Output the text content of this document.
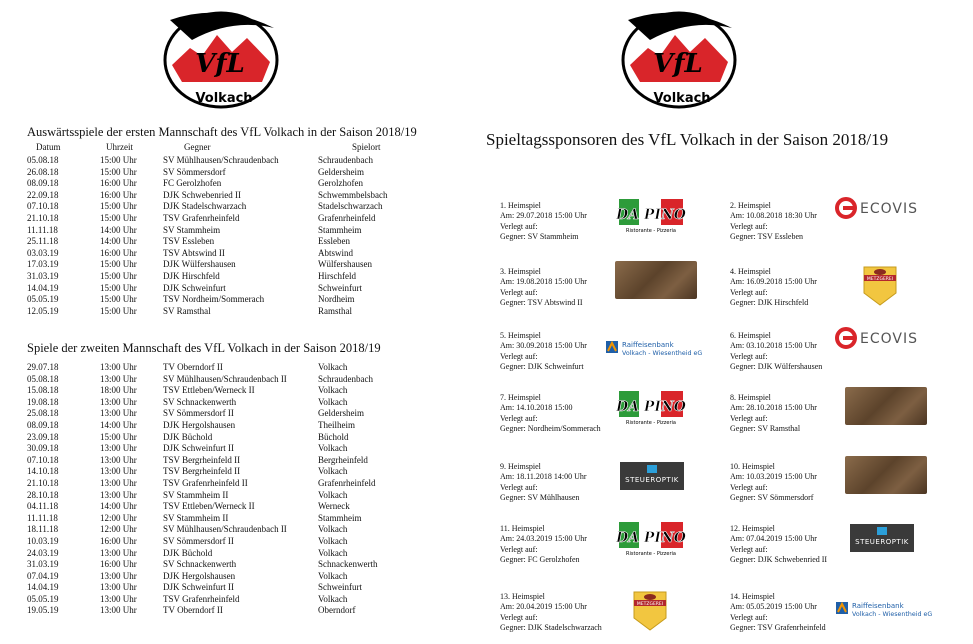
VfL
Volkach
VfL
Volkach
Auswärtsspiele der ersten Mannschaft des VfL Volkach in der Saison 2018/19
Datum	Uhrzeit	Gegner	Spielort
05.08.18	15:00 Uhr	SV Mühlhausen/Schraudenbach	Schraudenbach
26.08.18	15:00 Uhr	SV Sömmersdorf	Geldersheim
08.09.18	16:00 Uhr	FC Gerolzhofen	Gerolzhofen
22.09.18	16:00 Uhr	DJK Schwebenried II	Schwemmbelsbach
07.10.18	15:00 Uhr	DJK Stadelschwarzach	Stadelschwarzach
21.10.18	15:00 Uhr	TSV Grafenrheinfeld	Grafenrheinfeld
11.11.18	14:00 Uhr	SV Stammheim	Stammheim
25.11.18	14:00 Uhr	TSV Essleben	Essleben
03.03.19	16:00 Uhr	TSV Abtswind II	Abtswind
17.03.19	15:00 Uhr	DJK Wülfershausen	Wülfershausen
31.03.19	15:00 Uhr	DJK Hirschfeld	Hirschfeld
14.04.19	15:00 Uhr	DJK Schweinfurt	Schweinfurt
05.05.19	15:00 Uhr	TSV Nordheim/Sommerach	Nordheim
12.05.19	15:00 Uhr	SV Ramsthal	Ramsthal
Spiele der zweiten Mannschaft des VfL Volkach in der Saison 2018/19
29.07.18	13:00 Uhr	TV Oberndorf II	Volkach
05.08.18	13:00 Uhr	SV Mühlhausen/Schraudenbach II	Schraudenbach
15.08.18	18:00 Uhr	TSV Ettleben/Werneck II	Volkach
19.08.18	13:00 Uhr	SV Schnackenwerth	Volkach
25.08.18	13:00 Uhr	SV Sömmersdorf II	Geldersheim
08.09.18	14:00 Uhr	DJK Hergolshausen	Theilheim
23.09.18	15:00 Uhr	DJK Büchold	Büchold
30.09.18	13:00 Uhr	DJK Schweinfurt II	Volkach
07.10.18	13:00 Uhr	TSV Bergrheinfeld II	Bergrheinfeld
14.10.18	13:00 Uhr	TSV Bergrheinfeld II	Volkach
21.10.18	13:00 Uhr	TSV Grafenrheinfeld II	Grafenrheinfeld
28.10.18	13:00 Uhr	SV Stammheim II	Volkach
04.11.18	14:00 Uhr	TSV Ettleben/Werneck II	Werneck
11.11.18	12:00 Uhr	SV Stammheim II	Stammheim
18.11.18	12:00 Uhr	SV Mühlhausen/Schraudenbach II	Volkach
10.03.19	16:00 Uhr	SV Sömmersdorf II	Volkach
24.03.19	13:00 Uhr	DJK Büchold	Volkach
31.03.19	16:00 Uhr	SV Schnackenwerth	Schnackenwerth
07.04.19	13:00 Uhr	DJK Hergolshausen	Volkach
14.04.19	13:00 Uhr	DJK Schweinfurt II	Schweinfurt
05.05.19	13:00 Uhr	TSV Grafenrheinfeld	Volkach
19.05.19	13:00 Uhr	TV Oberndorf II	Oberndorf
Spieltagssponsoren des VfL Volkach in der Saison 2018/19
1. Heimspiel
Am: 29.07.2018 15:00 Uhr
Verlegt auf:
Gegner: SV Stammheim
DA PINO
Ristorante - Pizzeria
2. Heimspiel
Am: 10.08.2018 18:30 Uhr
Verlegt auf:
Gegner: TSV Essleben
ECOVIS
3. Heimspiel
Am: 19.08.2018 15:00 Uhr
Verlegt auf:
Gegner: TSV Abtswind II
4. Heimspiel
Am: 16.09.2018 15:00 Uhr
Verlegt auf:
Gegner: DJK Hirschfeld
METZGEREI
5. Heimspiel
Am: 30.09.2018 15:00 Uhr
Verlegt auf:
Gegner: DJK Schweinfurt
Raiffeisenbank
Volkach - Wiesentheid eG
6. Heimspiel
Am: 03.10.2018 15:00 Uhr
Verlegt auf:
Gegner: DJK Wülfershausen
ECOVIS
7. Heimspiel
Am: 14.10.2018 15:00
Verlegt auf:
Gegner: Nordheim/Sommerach
DA PINO
Ristorante - Pizzeria
8. Heimspiel
Am: 28.10.2018 15:00 Uhr
Verlegt auf:
Gegner: SV Ramsthal
9. Heimspiel
Am: 18.11.2018 14:00 Uhr
Verlegt auf:
Gegner: SV Mühlhausen
STEUEROPTIK
10. Heimspiel
Am: 10.03.2019 15:00 Uhr
Verlegt auf:
Gegner: SV Sömmersdorf
11. Heimspiel
Am: 24.03.2019 15:00 Uhr
Verlegt auf:
Gegner: FC Gerolzhofen
DA PINO
Ristorante - Pizzeria
12. Heimspiel
Am: 07.04.2019 15:00 Uhr
Verlegt auf:
Gegner: DJK Schwebenried II
STEUEROPTIK
13. Heimspiel
Am: 20.04.2019 15:00 Uhr
Verlegt auf:
Gegner: DJK Stadelschwarzach
METZGEREI
14. Heimspiel
Am: 05.05.2019 15:00 Uhr
Verlegt auf:
Gegner: TSV Grafenrheinfeld
Raiffeisenbank
Volkach - Wiesentheid eG
